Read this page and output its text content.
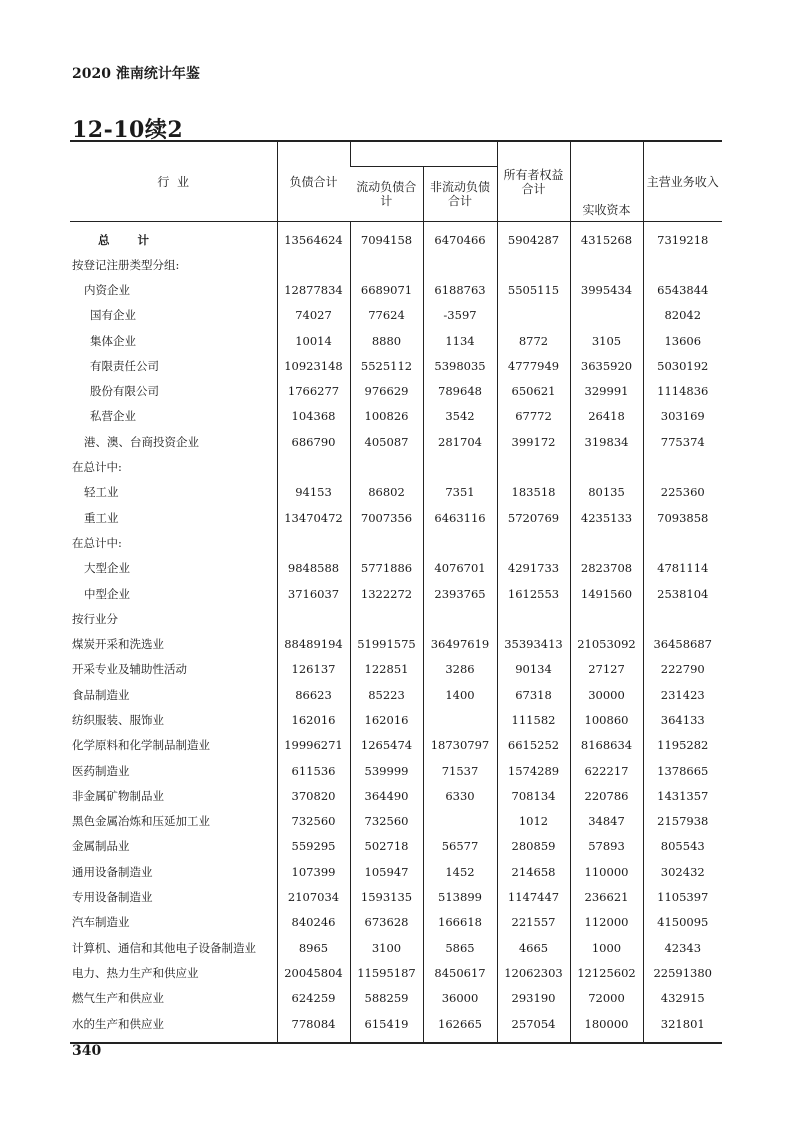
2020 淮南统计年鉴
12-10续2
行  业	负债合计			所有者权益合计	实收资本	主营业务收入
		流动负债合计	非流动负债合计			
总 计	13564624	7094158	6470466	5904287	4315268	7319218
按登记注册类型分组:						
内资企业	12877834	6689071	6188763	5505115	3995434	6543844
国有企业	74027	77624	-3597			82042
集体企业	10014	8880	1134	8772	3105	13606
有限责任公司	10923148	5525112	5398035	4777949	3635920	5030192
股份有限公司	1766277	976629	789648	650621	329991	1114836
私营企业	104368	100826	3542	67772	26418	303169
港、澳、台商投资企业	686790	405087	281704	399172	319834	775374
在总计中:						
轻工业	94153	86802	7351	183518	80135	225360
重工业	13470472	7007356	6463116	5720769	4235133	7093858
在总计中:						
大型企业	9848588	5771886	4076701	4291733	2823708	4781114
中型企业	3716037	1322272	2393765	1612553	1491560	2538104
按行业分						
煤炭开采和洗选业	88489194	51991575	36497619	35393413	21053092	36458687
开采专业及辅助性活动	126137	122851	3286	90134	27127	222790
食品制造业	86623	85223	1400	67318	30000	231423
纺织服装、服饰业	162016	162016		111582	100860	364133
化学原料和化学制品制造业	19996271	1265474	18730797	6615252	8168634	1195282
医药制造业	611536	539999	71537	1574289	622217	1378665
非金属矿物制品业	370820	364490	6330	708134	220786	1431357
黑色金属冶炼和压延加工业	732560	732560		1012	34847	2157938
金属制品业	559295	502718	56577	280859	57893	805543
通用设备制造业	107399	105947	1452	214658	110000	302432
专用设备制造业	2107034	1593135	513899	1147447	236621	1105397
汽车制造业	840246	673628	166618	221557	112000	4150095
计算机、通信和其他电子设备制造业	8965	3100	5865	4665	1000	42343
电力、热力生产和供应业	20045804	11595187	8450617	12062303	12125602	22591380
燃气生产和供应业	624259	588259	36000	293190	72000	432915
水的生产和供应业	778084	615419	162665	257054	180000	321801
340
